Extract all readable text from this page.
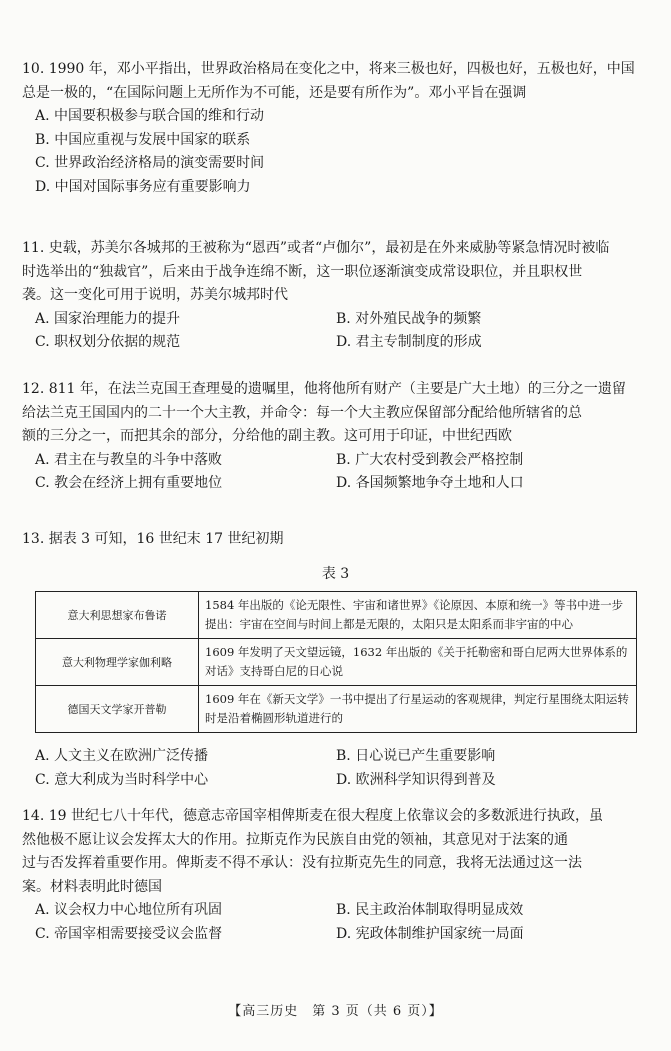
10. 1990 年，邓小平指出，世界政治格局在变化之中，将来三极也好，四极也好，五极也好，中国
总是一极的，“在国际问题上无所作为不可能，还是要有所作为”。邓小平旨在强调
A. 中国要积极参与联合国的维和行动
B. 中国应重视与发展中国家的联系
C. 世界政治经济格局的演变需要时间
D. 中国对国际事务应有重要影响力
11. 史载，苏美尔各城邦的王被称为“恩西”或者“卢伽尔”，最初是在外来威胁等紧急情况时被临
时选举出的“独裁官”，后来由于战争连绵不断，这一职位逐渐演变成常设职位，并且职权世
袭。这一变化可用于说明，苏美尔城邦时代
A. 国家治理能力的提升	B. 对外殖民战争的频繁
C. 职权划分依据的规范	D. 君主专制制度的形成
12. 811 年，在法兰克国王查理曼的遗嘱里，他将他所有财产（主要是广大土地）的三分之一遗留
给法兰克王国国内的二十一个大主教，并命令：每一个大主教应保留部分配给他所辖省的总
额的三分之一，而把其余的部分，分给他的副主教。这可用于印证，中世纪西欧
A. 君主在与教皇的斗争中落败	B. 广大农村受到教会严格控制
C. 教会在经济上拥有重要地位	D. 各国频繁地争夺土地和人口
13. 据表 3 可知，16 世纪末 17 世纪初期
表 3
意大利思想家布鲁诺	1584 年出版的《论无限性、宇宙和诸世界》《论原因、本原和统一》等书中进一步提出：宇宙在空间与时间上都是无限的，太阳只是太阳系而非宇宙的中心
意大利物理学家伽利略	1609 年发明了天文望远镜，1632 年出版的《关于托勒密和哥白尼两大世界体系的对话》支持哥白尼的日心说
德国天文学家开普勒	1609 年在《新天文学》一书中提出了行星运动的客观规律，判定行星围绕太阳运转时是沿着椭圆形轨道进行的
A. 人文主义在欧洲广泛传播	B. 日心说已产生重要影响
C. 意大利成为当时科学中心	D. 欧洲科学知识得到普及
14. 19 世纪七八十年代，德意志帝国宰相俾斯麦在很大程度上依靠议会的多数派进行执政，虽
然他极不愿让议会发挥太大的作用。拉斯克作为民族自由党的领袖，其意见对于法案的通
过与否发挥着重要作用。俾斯麦不得不承认：没有拉斯克先生的同意，我将无法通过这一法
案。材料表明此时德国
A. 议会权力中心地位所有巩固	B. 民主政治体制取得明显成效
C. 帝国宰相需要接受议会监督	D. 宪政体制维护国家统一局面
【高三历史　第 3 页（共 6 页）】
